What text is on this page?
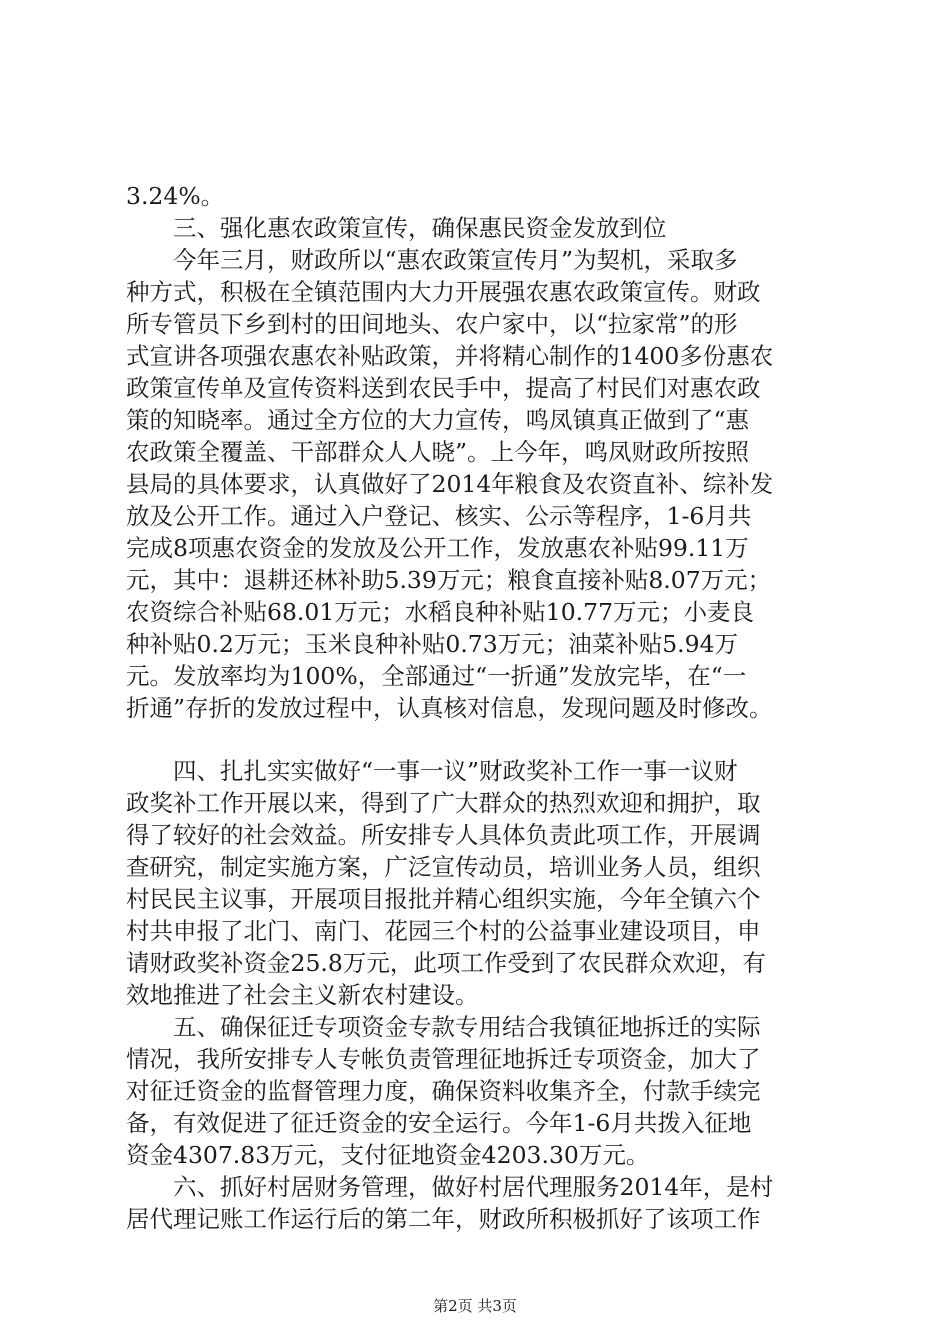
3.24%。
　　三、强化惠农政策宣传，确保惠民资金发放到位
　　今年三月，财政所以“惠农政策宣传月”为契机，采取多
种方式，积极在全镇范围内大力开展强农惠农政策宣传。财政
所专管员下乡到村的田间地头、农户家中，以“拉家常”的形
式宣讲各项强农惠农补贴政策，并将精心制作的1400多份惠农
政策宣传单及宣传资料送到农民手中，提高了村民们对惠农政
策的知晓率。通过全方位的大力宣传，鸣凤镇真正做到了“惠
农政策全覆盖、干部群众人人晓”。上今年，鸣凤财政所按照
县局的具体要求，认真做好了2014年粮食及农资直补、综补发
放及公开工作。通过入户登记、核实、公示等程序，1-6月共
完成8项惠农资金的发放及公开工作，发放惠农补贴99.11万
元，其中：退耕还林补助5.39万元；粮食直接补贴8.07万元；
农资综合补贴68.01万元；水稻良种补贴10.77万元；小麦良
种补贴0.2万元；玉米良种补贴0.73万元；油菜补贴5.94万
元。发放率均为100%，全部通过“一折通”发放完毕，在“一
折通”存折的发放过程中，认真核对信息，发现问题及时修改。
　　四、扎扎实实做好“一事一议”财政奖补工作一事一议财
政奖补工作开展以来，得到了广大群众的热烈欢迎和拥护，取
得了较好的社会效益。所安排专人具体负责此项工作，开展调
查研究，制定实施方案，广泛宣传动员，培训业务人员，组织
村民民主议事，开展项目报批并精心组织实施，今年全镇六个
村共申报了北门、南门、花园三个村的公益事业建设项目，申
请财政奖补资金25.8万元，此项工作受到了农民群众欢迎，有
效地推进了社会主义新农村建设。
　　五、确保征迁专项资金专款专用结合我镇征地拆迁的实际
情况，我所安排专人专帐负责管理征地拆迁专项资金，加大了
对征迁资金的监督管理力度，确保资料收集齐全，付款手续完
备，有效促进了征迁资金的安全运行。今年1-6月共拨入征地
资金4307.83万元，支付征地资金4203.30万元。
　　六、抓好村居财务管理，做好村居代理服务2014年，是村
居代理记账工作运行后的第二年，财政所积极抓好了该项工作
第2页 共3页
